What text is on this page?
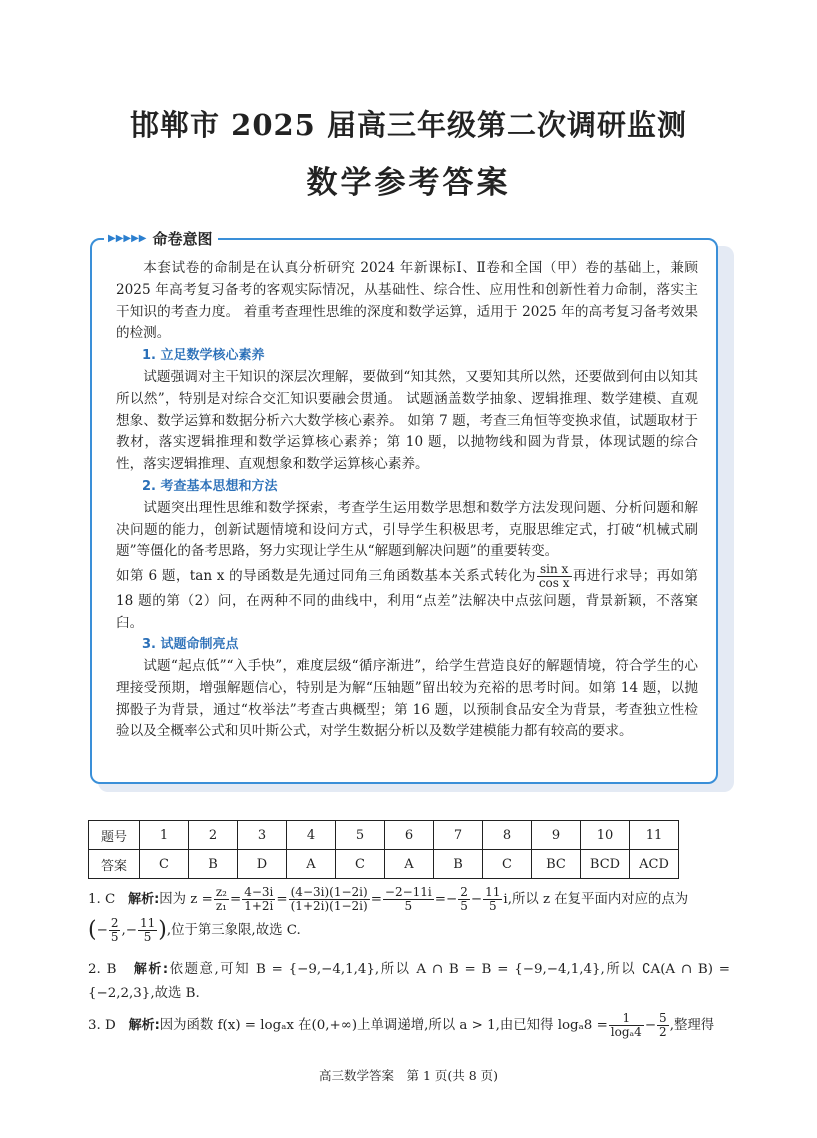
邯郸市 2025 届高三年级第二次调研监测
数学参考答案
▶▶▶▶▶ 命卷意图

本套试卷的命制是在认真分析研究 2024 年新课标Ⅰ、Ⅱ卷和全国（甲）卷的基础上，兼顾 2025 年高考复习备考的客观实际情况，从基础性、综合性、应用性和创新性着力命制，落实主干知识的考查力度。 着重考查理性思维的深度和数学运算，适用于 2025 年的高考复习备考效果的检测。

1. 立足数学核心素养

试题强调对主干知识的深层次理解，要做到“知其然，又要知其所以然，还要做到何由以知其所以然”，特别是对综合交汇知识要融会贯通。 试题涵盖数学抽象、逻辑推理、数学建模、直观想象、数学运算和数据分析六大数学核心素养。 如第 7 题，考查三角恒等变换求值，试题取材于教材，落实逻辑推理和数学运算核心素养；第 10 题，以抛物线和圆为背景，体现试题的综合性，落实逻辑推理、直观想象和数学运算核心素养。

2. 考查基本思想和方法

试题突出理性思维和数学探索，考查学生运用数学思想和数学方法发现问题、分析问题和解决问题的能力，创新试题情境和设问方式，引导学生积极思考，克服思维定式，打破“机械式刷题”等僵化的备考思路，努力实现让学生从“解题到解决问题”的重要转变。

如第 6 题，tan x 的导函数是先通过同角三角函数基本关系式转化为 $\frac{\text{sin x}}{\text{cos x}}$ 再进行求导；再如第 18 题的第（2）问，在两种不同的曲线中，利用“点差”法解决中点弦问题，背景新颖，不落窠臼。

3. 试题命制亮点

试题“起点低”“入手快”，难度层级“循序渐进”，给学生营造良好的解题情境，符合学生的心理接受预期，增强解题信心，特别是为解“压轴题”留出较为充裕的思考时间。如第 14 题，以抛掷骰子为背景，通过“枚举法”考查古典概型；第 16 题，以预制食品安全为背景，考查独立性检验以及全概率公式和贝叶斯公式，对学生数据分析以及数学建模能力都有较高的要求。

题号	1	2	3	4	5	6	7	8	9	10	11
答案	C	B	D	A	C	A	B	C	BC	BCD	ACD
1. C 解析:因为 $z = \frac{\text{z₂}}{\text{z₁}} = \frac{4-3i}{1+2i} = \frac{(4-3i)(1-2i)}{(1+2i)(1-2i)} = \frac{-2-11i}{5} =- \frac{2}{5} - \frac{11}{5} i$,所以 z 在复平面内对应的点为
(− $\frac{2}{5}$ ,− $\frac{11}{5}$ ),位于第三象限,故选 C.
2. B 解析:依题意,可知 B = {−9,−4,1,4},所以 A ∩ B = B = {−9,−4,1,4},所以 ∁A(A ∩ B) = {−2,2,3},故选 B.
3. D 解析:因为函数 f(x) = logₐx 在(0,+∞)上单调递增,所以 a > 1,由已知得 $\log_a8 = \frac{1}{\text{logₐ4}} - \frac{5}{2}$ ,整理得
高三数学答案　第 1 页(共 8 页)
